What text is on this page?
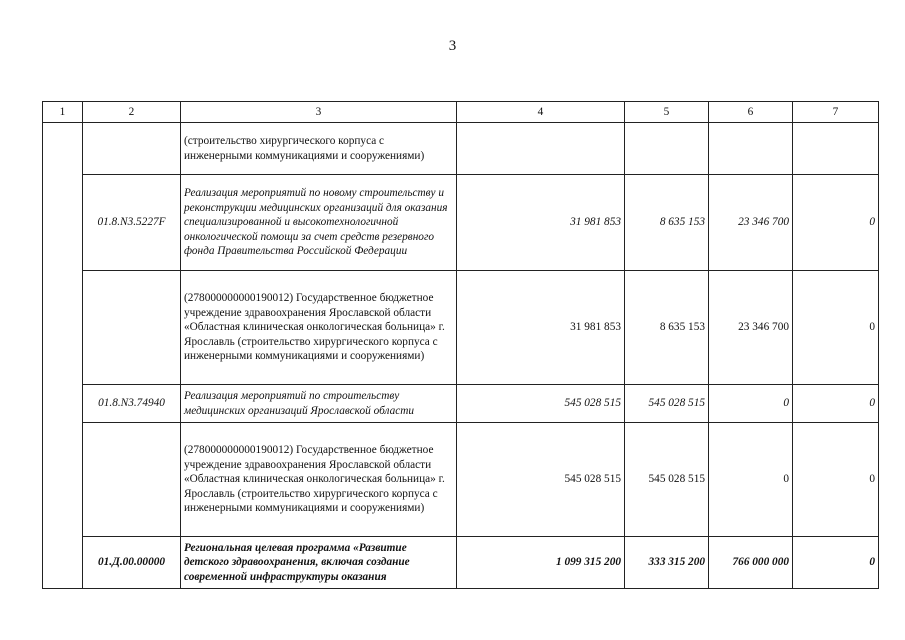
3
1	2	3	4	5	6	7
		(строительство хирургического корпуса с инженерными коммуникациями и сооружениями)				
	01.8.N3.5227F	Реализация мероприятий по новому строительству и реконструкции медицинских организаций для оказания специализированной и высокотехнологичной онкологической помощи за счет средств резервного фонда Правительства Российской Федерации	31 981 853	8 635 153	23 346 700	0
		(278000000000190012) Государственное бюджетное учреждение здравоохранения Ярославской области «Областная клиническая онкологическая больница» г. Ярославль (строительство хирургического корпуса с инженерными коммуникациями и сооружениями)	31 981 853	8 635 153	23 346 700	0
	01.8.N3.74940	Реализация мероприятий по строительству медицинских организаций Ярославской области	545 028 515	545 028 515	0	0
		(278000000000190012) Государственное бюджетное учреждение здравоохранения Ярославской области «Областная клиническая онкологическая больница» г. Ярославль (строительство хирургического корпуса с инженерными коммуникациями и сооружениями)	545 028 515	545 028 515	0	0
	01.Д.00.00000	Региональная целевая программа «Развитие детского здравоохранения, включая создание современной инфраструктуры оказания	1 099 315 200	333 315 200	766 000 000	0
